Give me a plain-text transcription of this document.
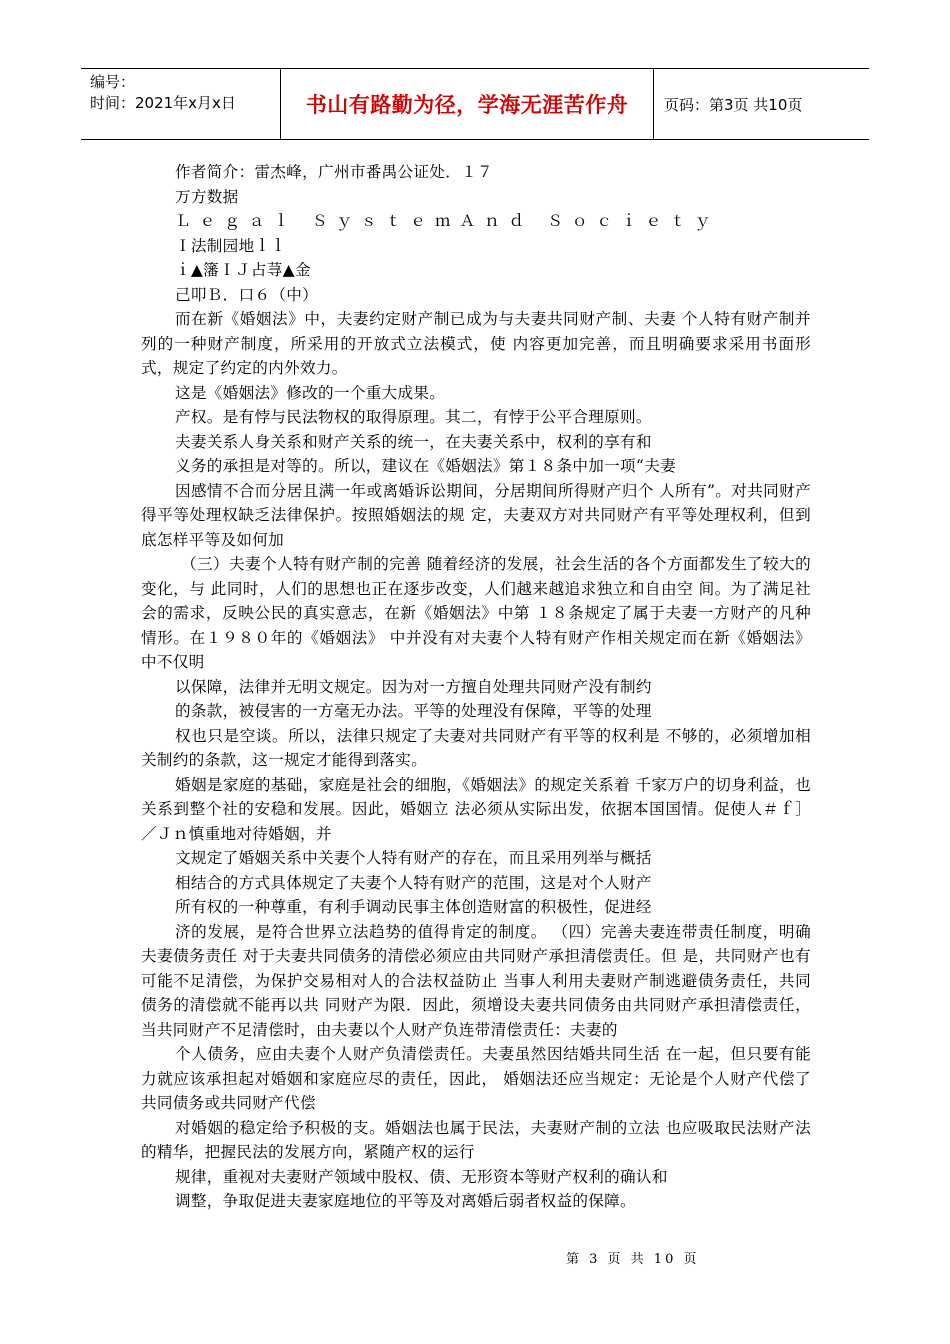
编号：
时间：2021年x月x日	书山有路勤为径，学海无涯苦作舟	页码：第3页 共10页

作者简介：雷杰峰，广州市番禺公证处．１７

万方数据

Ｌｅｇａｌ ＳｙｓｔｅｍＡｎｄ Ｓｏｃｉｅｔｙ

Ｉ法制园地ｌｌ

ｉ▲籓ＩＪ占荨▲金

己叩Ｂ．口６（中）

而在新《婚姻法》中，夫妻约定财产制已成为与夫妻共同财产制、夫妻 个人特有财产制并列的一种财产制度，所采用的开放式立法模式，使 内容更加完善，而且明确要求采用书面形式，规定了约定的内外效力。

这是《婚姻法》修改的一个重大成果。

产权。是有悖与民法物权的取得原理。其二，有悖于公平合理原则。

夫妻关系人身关系和财产关系的统一，在夫妻关系中，权利的享有和

义务的承担是对等的。所以，建议在《婚姻法》第１８条中加一项“夫妻

因感情不合而分居且满一年或离婚诉讼期间，分居期间所得财产归个 人所有”。对共同财产得平等处理权缺乏法律保护。按照婚姻法的规 定，夫妻双方对共同财产有平等处理权利，但到底怎样平等及如何加

（三）夫妻个人特有财产制的完善 随着经济的发展，社会生活的各个方面都发生了较大的变化，与 此同时，人们的思想也正在逐步改变，人们越来越追求独立和自由空 间。为了满足社会的需求，反映公民的真实意志，在新《婚姻法》中第 １８条规定了属于夫妻一方财产的凡种情形。在１９８０年的《婚姻法》 中并没有对夫妻个人特有财产作相关规定而在新《婚姻法》中不仅明

以保障，法律并无明文规定。因为对一方擅自处理共同财产没有制约

的条款，被侵害的一方毫无办法。平等的处理没有保障，平等的处理

权也只是空谈。所以，法律只规定了夫妻对共同财产有平等的权利是 不够的，必须增加相关制约的条款，这一规定才能得到落实。

婚姻是家庭的基础，家庭是社会的细胞，《婚姻法》的规定关系着 千家万户的切身利益，也关系到整个社的安稳和发展。因此，婚姻立 法必须从实际出发，依据本国国情。促使人＃ｆ］／Ｊｎ慎重地对待婚姻，并

文规定了婚姻关系中关妻个人特有财产的存在，而且采用列举与概括

相结合的方式具体规定了夫妻个人特有财产的范围，这是对个人财产

所有权的一种尊重，有利手调动民事主体创造财富的积极性，促进经

济的发展，是符合世界立法趋势的值得肯定的制度。 （四）完善夫妻连带责任制度，明确夫妻债务责任 对于夫妻共同债务的清偿必须应由共同财产承担清偿责任。但 是，共同财产也有可能不足清偿，为保护交易相对人的合法权益防止 当事人利用夫妻财产制逃避债务责任，共同债务的清偿就不能再以共 同财产为限．因此，须增设夫妻共同债务由共同财产承担清偿责任， 当共同财产不足清偿时，由夫妻以个人财产负连带清偿责任：夫妻的

个人债务，应由夫妻个人财产负清偿责任。夫妻虽然因结婚共同生活 在一起，但只要有能力就应该承担起对婚姻和家庭应尽的责任，因此， 婚姻法还应当规定：无论是个人财产代偿了共同债务或共同财产代偿

对婚姻的稳定给予积极的支。婚姻法也属于民法，夫妻财产制的立法 也应吸取民法财产法的精华，把握民法的发展方向，紧随产权的运行

规律，重视对夫妻财产领域中股权、债、无形资本等财产权利的确认和

调整，争取促进夫妻家庭地位的平等及对离婚后弱者权益的保障。

第 3 页 共 10 页
